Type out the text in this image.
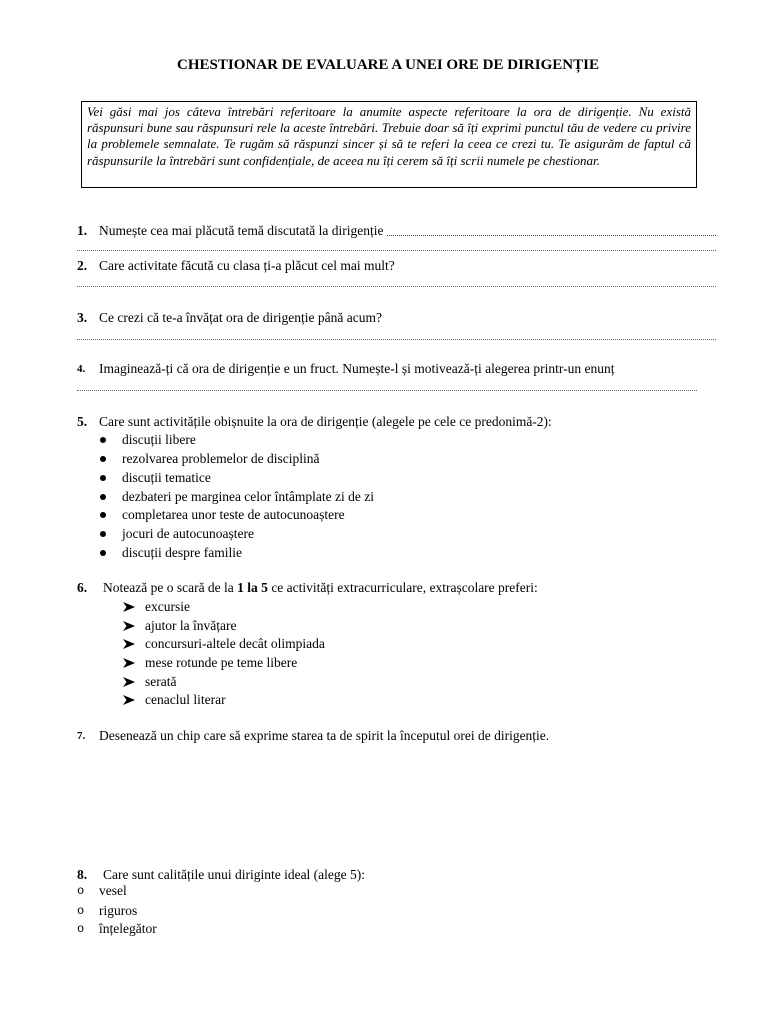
CHESTIONAR DE EVALUARE A UNEI ORE DE DIRIGENȚIE
Vei găsi mai jos câteva întrebări referitoare la anumite aspecte referitoare la ora de dirigenție. Nu există răspunsuri bune sau răspunsuri rele la aceste întrebări. Trebuie doar să îți exprimi punctul tău de vedere cu privire la problemele semnalate. Te rugăm să răspunzi sincer și să te referi la ceea ce crezi tu. Te asigurăm de faptul că răspunsurile la întrebări sunt confidențiale, de aceea nu îți cerem să îți scrii numele pe chestionar.
1. Numește cea mai plăcută temă discutată la dirigenție
2. Care activitate făcută cu clasa ți-a plăcut cel mai mult?
3. Ce crezi că te-a învățat ora de dirigenție până acum?
4. Imaginează-ți că ora de dirigenție e un fruct. Numește-l și motivează-ți alegerea printr-un enunț
5. Care sunt activitățile obișnuite la ora de dirigenție (alegele pe cele ce predonimă-2):
discuții libere
rezolvarea problemelor de disciplină
discuții tematice
dezbateri pe marginea celor întâmplate zi de zi
completarea unor teste de autocunoaștere
jocuri de autocunoaștere
discuții despre familie
6. Notează pe o scară de la 1 la 5 ce activități extracurriculare, extrașcolare preferi:
excursie
ajutor la învățare
concursuri-altele decât olimpiada
mese rotunde pe teme libere
serată
cenaclul literar
7. Desenează un chip care să exprime starea ta de spirit la începutul orei de dirigenție.
8. Care sunt calitățile unui diriginte ideal (alege 5):
o vesel
o riguros
o înțelegător
